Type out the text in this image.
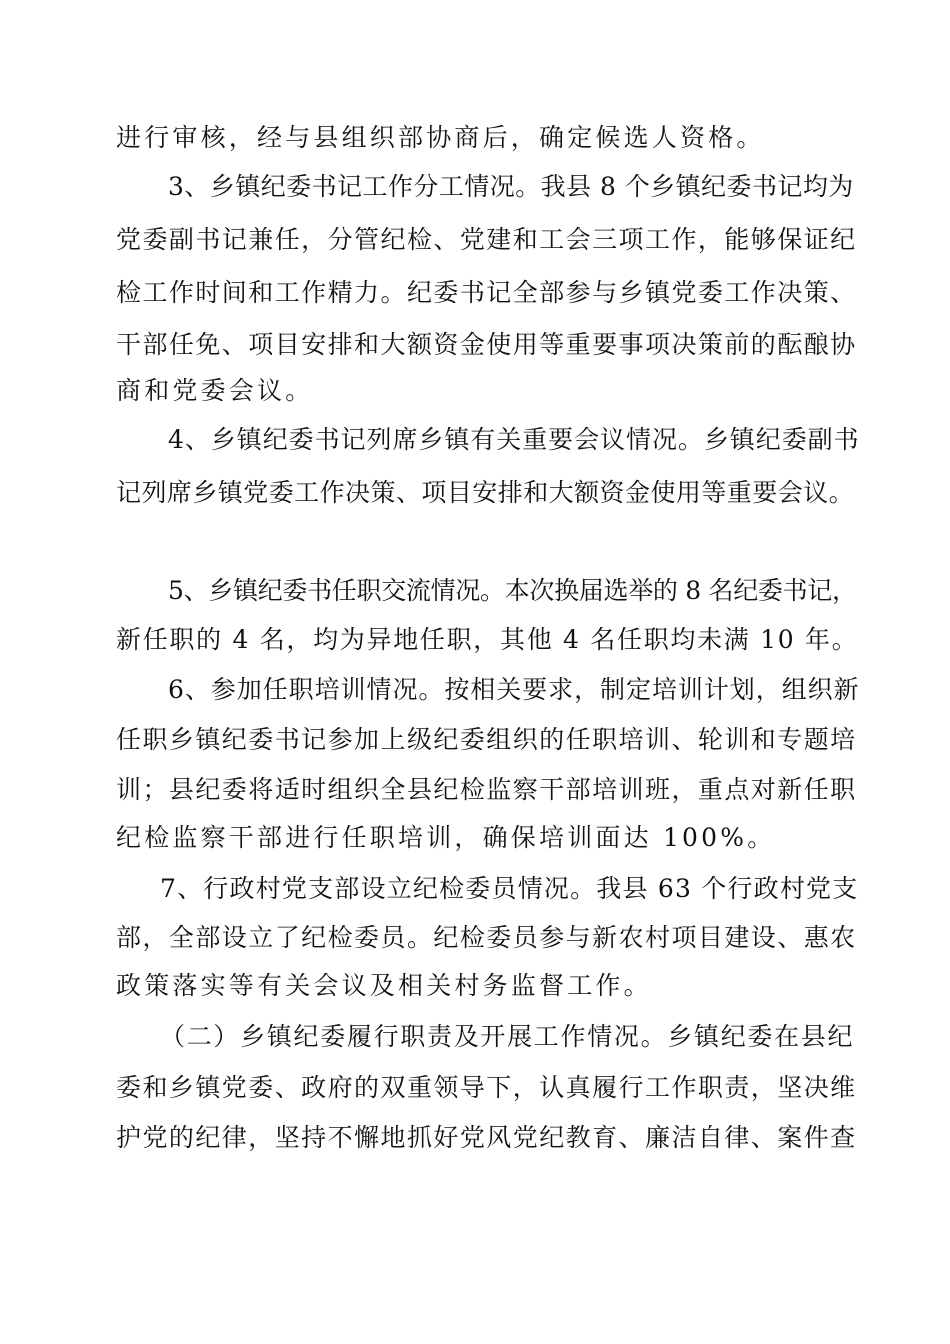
进行审核，经与县组织部协商后，确定候选人资格。
3、乡镇纪委书记工作分工情况。我县 8 个乡镇纪委书记均为
党委副书记兼任，分管纪检、党建和工会三项工作，能够保证纪
检工作时间和工作精力。纪委书记全部参与乡镇党委工作决策、
干部任免、项目安排和大额资金使用等重要事项决策前的酝酿协
商和党委会议。
4、乡镇纪委书记列席乡镇有关重要会议情况。乡镇纪委副书
记列席乡镇党委工作决策、项目安排和大额资金使用等重要会议。
5、乡镇纪委书任职交流情况。本次换届选举的 8 名纪委书记，
新任职的 4 名，均为异地任职，其他 4 名任职均未满 10 年。
6、参加任职培训情况。按相关要求，制定培训计划，组织新
任职乡镇纪委书记参加上级纪委组织的任职培训、轮训和专题培
训；县纪委将适时组织全县纪检监察干部培训班，重点对新任职
纪检监察干部进行任职培训，确保培训面达 100%。
7、行政村党支部设立纪检委员情况。我县 63 个行政村党支
部，全部设立了纪检委员。纪检委员参与新农村项目建设、惠农
政策落实等有关会议及相关村务监督工作。
（二）乡镇纪委履行职责及开展工作情况。乡镇纪委在县纪
委和乡镇党委、政府的双重领导下，认真履行工作职责，坚决维
护党的纪律，坚持不懈地抓好党风党纪教育、廉洁自律、案件查
